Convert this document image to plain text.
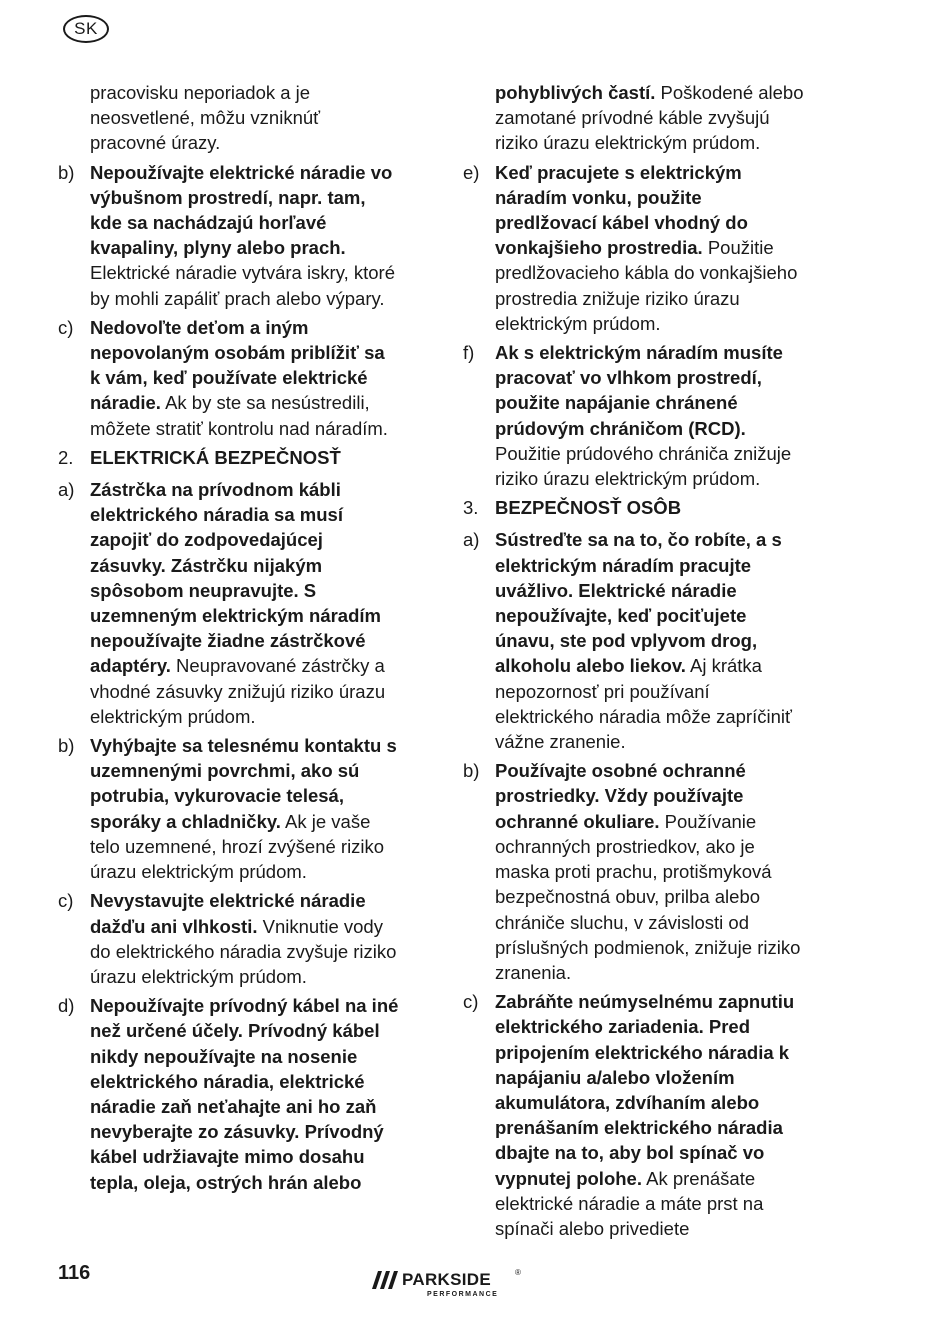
SK
pracovisku neporiadok a je neosvetlené, môžu vzniknúť pracovné úrazy.
b) Nepoužívajte elektrické náradie vo výbušnom prostredí, napr. tam, kde sa nachádzajú horľavé kvapaliny, plyny alebo prach. Elektrické náradie vytvára iskry, ktoré by mohli zapáliť prach alebo výpary.
c) Nedovoľte deťom a iným nepovolaným osobám priblížiť sa k vám, keď používate elektrické náradie. Ak by ste sa nesústredili, môžete stratiť kontrolu nad náradím.
2. ELEKTRICKÁ BEZPEČNOSŤ
a) Zástrčka na prívodnom kábli elektrického náradia sa musí zapojiť do zodpovedajúcej zásuvky. Zástrčku nijakým spôsobom neupravujte. S uzemneným elektrickým náradím nepoužívajte žiadne zástrčkové adaptéry. Neupravované zástrčky a vhodné zásuvky znižujú riziko úrazu elektrickým prúdom.
b) Vyhýbajte sa telesnému kontaktu s uzemnenými povrchmi, ako sú potrubia, vykurovacie telesá, sporáky a chladničky. Ak je vaše telo uzemnené, hrozí zvýšené riziko úrazu elektrickým prúdom.
c) Nevystavujte elektrické náradie dažďu ani vlhkosti. Vniknutie vody do elektrického náradia zvyšuje riziko úrazu elektrickým prúdom.
d) Nepoužívajte prívodný kábel na iné než určené účely. Prívodný kábel nikdy nepoužívajte na nosenie elektrického náradia, elektrické náradie zaň neťahajte ani ho zaň nevyberajte zo zásuvky. Prívodný kábel udržiavajte mimo dosahu tepla, oleja, ostrých hrán alebo
pohyblivých častí. Poškodené alebo zamotané prívodné káble zvyšujú riziko úrazu elektrickým prúdom.
e) Keď pracujete s elektrickým náradím vonku, použite predlžovací kábel vhodný do vonkajšieho prostredia. Použitie predlžovacieho kábla do vonkajšieho prostredia znižuje riziko úrazu elektrickým prúdom.
f)	Ak s elektrickým náradím musíte pracovať vo vlhkom prostredí, použite napájanie chránené prúdovým chráničom (RCD). Použitie prúdového chrániča znižuje riziko úrazu elektrickým prúdom.
3. BEZPEČNOSŤ OSÔB
a) Sústreďte sa na to, čo robíte, a s elektrickým náradím pracujte uvážlivo. Elektrické náradie nepoužívajte, keď pociťujete únavu, ste pod vplyvom drog, alkoholu alebo liekov. Aj krátka nepozornosť pri používaní elektrického náradia môže zapríčiniť vážne zranenie.
b) Používajte osobné ochranné prostriedky. Vždy používajte ochranné okuliare. Používanie ochranných prostriedkov, ako je maska proti prachu, protišmyková bezpečnostná obuv, prilba alebo chrániče sluchu, v závislosti od príslušných podmienok, znižuje riziko zranenia.
c) Zabráňte neúmyselnému zapnutiu elektrického zariadenia. Pred pripojením elektrického náradia k napájaniu a/alebo vložením akumulátora, zdvíhaním alebo prenášaním elektrického náradia dbajte na to, aby bol spínač vo vypnutej polohe. Ak prenášate elektrické náradie a máte prst na spínači alebo privediete
116	PARKSIDE	®
PERFORMANCE
